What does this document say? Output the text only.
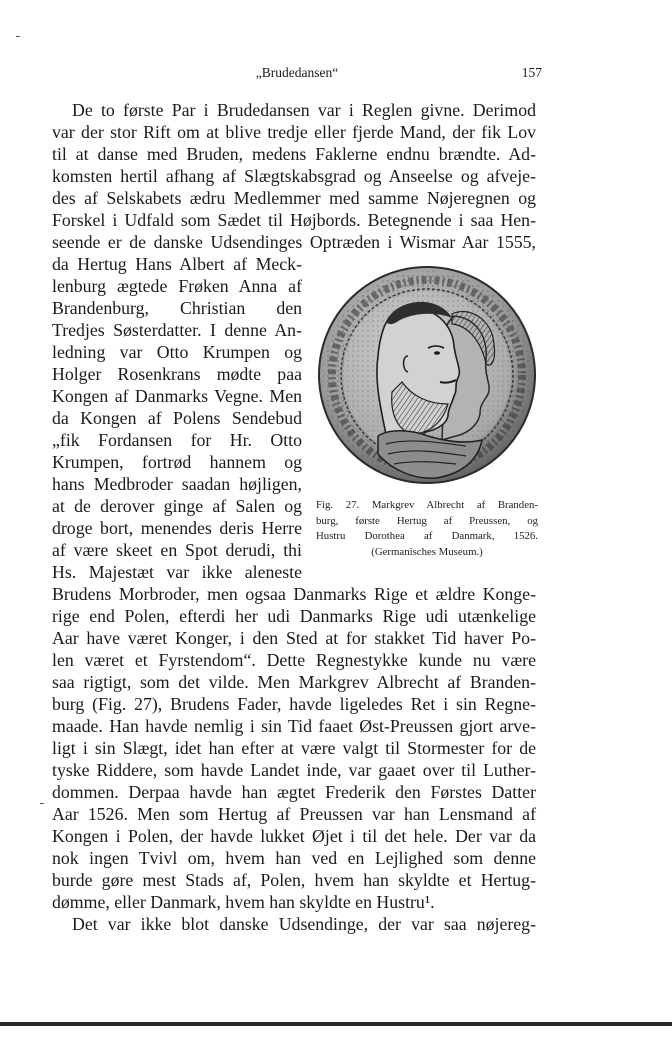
„Brudedansen“	157
De to første Par i Brudedansen var i Reglen givne. Derimod
var der stor Rift om at blive tredje eller fjerde Mand, der fik Lov
til at danse med Bruden, medens Faklerne endnu brændte. Ad-
komsten hertil afhang af Slægtskabsgrad og Anseelse og afveje-
des af Selskabets ædru Medlemmer med samme Nøjeregnen og
Forskel i Udfald som Sædet til Højbords. Betegnende i saa Hen-
seende er de danske Udsendinges Optræden i Wismar Aar 1555,
da Hertug Hans Albert af Meck-
lenburg ægtede Frøken Anna af
Brandenburg, Christian den
Tredjes Søsterdatter. I denne An-
ledning var Otto Krumpen og
Holger Rosenkrans mødte paa
Kongen af Danmarks Vegne. Men
da Kongen af Polens Sendebud
„fik Fordansen for Hr. Otto
Krumpen, fortrød hannem og
hans Medbroder saadan højligen,
at de derover ginge af Salen og
droge bort, menendes deris Herre
af være skeet en Spot derudi, thi
Hs. Majestæt var ikke aleneste
Brudens Morbroder, men ogsaa Danmarks Rige et ældre Konge-
rige end Polen, efterdi her udi Danmarks Rige udi utænkelige
Aar have været Konger, i den Sted at for stakket Tid haver Po-
len været et Fyrstendom“. Dette Regnestykke kunde nu være
saa rigtigt, som det vilde. Men Markgrev Albrecht af Branden-
burg (Fig. 27), Brudens Fader, havde ligeledes Ret i sin Regne-
maade. Han havde nemlig i sin Tid faaet Øst-Preussen gjort arve-
ligt i sin Slægt, idet han efter at være valgt til Stormester for de
tyske Riddere, som havde Landet inde, var gaaet over til Luther-
dommen. Derpaa havde han ægtet Frederik den Førstes Datter
Aar 1526. Men som Hertug af Preussen var han Lensmand af
Kongen i Polen, der havde lukket Øjet i til det hele. Der var da
nok ingen Tvivl om, hvem han ved en Lejlighed som denne
burde gøre mest Stads af, Polen, hvem han skyldte et Hertug-
dømme, eller Danmark, hvem han skyldte en Hustru¹.
Det var ikke blot danske Udsendinge, der var saa nøjereg-
Fig. 27. Markgrev Albrecht af Branden-
burg, første Hertug af Preussen, og
Hustru Dorothea af Danmark, 1526.
(Germanisches Museum.)
